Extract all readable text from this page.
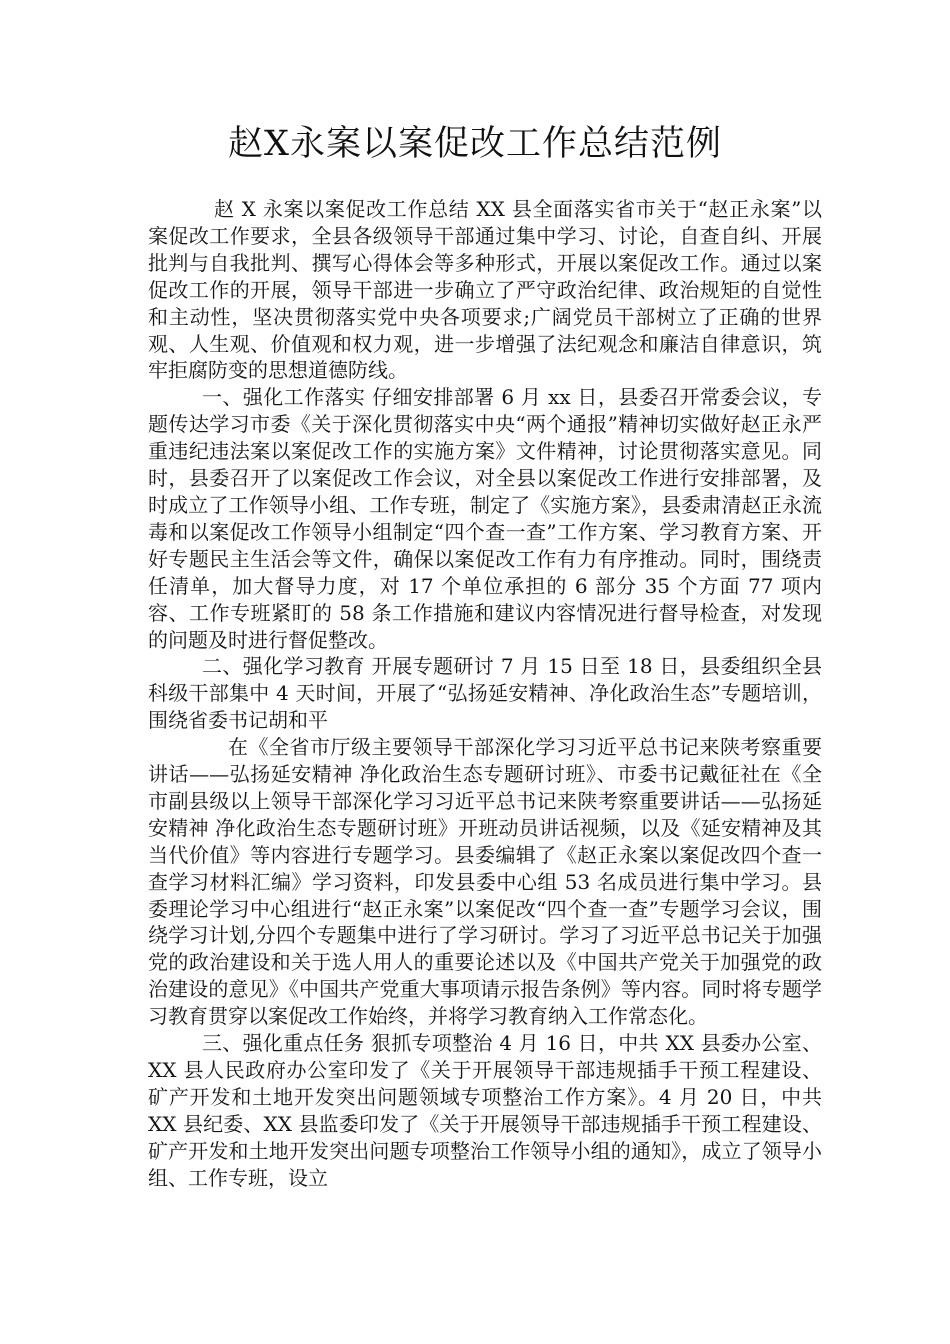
赵X永案以案促改工作总结范例

赵 X 永案以案促改工作总结 XX 县全面落实省市关于“赵正永案”以案促改工作要求，全县各级领导干部通过集中学习、讨论，自查自纠、开展批判与自我批判、撰写心得体会等多种形式，开展以案促改工作。通过以案促改工作的开展，领导干部进一步确立了严守政治纪律、政治规矩的自觉性和主动性，坚决贯彻落实党中央各项要求;广阔党员干部树立了正确的世界观、人生观、价值观和权力观，进一步增强了法纪观念和廉洁自律意识，筑牢拒腐防变的思想道德防线。

一、强化工作落实 仔细安排部署 6 月 xx 日，县委召开常委会议，专题传达学习市委《关于深化贯彻落实中央“两个通报”精神切实做好赵正永严重违纪违法案以案促改工作的实施方案》文件精神，讨论贯彻落实意见。同时，县委召开了以案促改工作会议，对全县以案促改工作进行安排部署，及时成立了工作领导小组、工作专班，制定了《实施方案》，县委肃清赵正永流毒和以案促改工作领导小组制定“四个查一查”工作方案、学习教育方案、开好专题民主生活会等文件，确保以案促改工作有力有序推动。同时，围绕责任清单，加大督导力度，对 17 个单位承担的 6 部分 35 个方面 77 项内容、工作专班紧盯的 58 条工作措施和建议内容情况进行督导检查，对发现的问题及时进行督促整改。

二、强化学习教育 开展专题研讨 7 月 15 日至 18 日，县委组织全县科级干部集中 4 天时间，开展了“弘扬延安精神、净化政治生态”专题培训，围绕省委书记胡和平

在《全省市厅级主要领导干部深化学习习近平总书记来陕考察重要讲话——弘扬延安精神 净化政治生态专题研讨班》、市委书记戴征社在《全市副县级以上领导干部深化学习习近平总书记来陕考察重要讲话——弘扬延安精神 净化政治生态专题研讨班》开班动员讲话视频，以及《延安精神及其当代价值》等内容进行专题学习。县委编辑了《赵正永案以案促改四个查一查学习材料汇编》学习资料，印发县委中心组 53 名成员进行集中学习。县委理论学习中心组进行“赵正永案”以案促改“四个查一查”专题学习会议，围绕学习计划,分四个专题集中进行了学习研讨。学习了习近平总书记关于加强党的政治建设和关于选人用人的重要论述以及《中国共产党关于加强党的政治建设的意见》《中国共产党重大事项请示报告条例》等内容。同时将专题学习教育贯穿以案促改工作始终，并将学习教育纳入工作常态化。

三、强化重点任务 狠抓专项整治 4 月 16 日，中共 XX 县委办公室、XX 县人民政府办公室印发了《关于开展领导干部违规插手干预工程建设、矿产开发和土地开发突出问题领域专项整治工作方案》。4 月 20 日，中共 XX 县纪委、XX 县监委印发了《关于开展领导干部违规插手干预工程建设、矿产开发和土地开发突出问题专项整治工作领导小组的通知》，成立了领导小组、工作专班，设立
